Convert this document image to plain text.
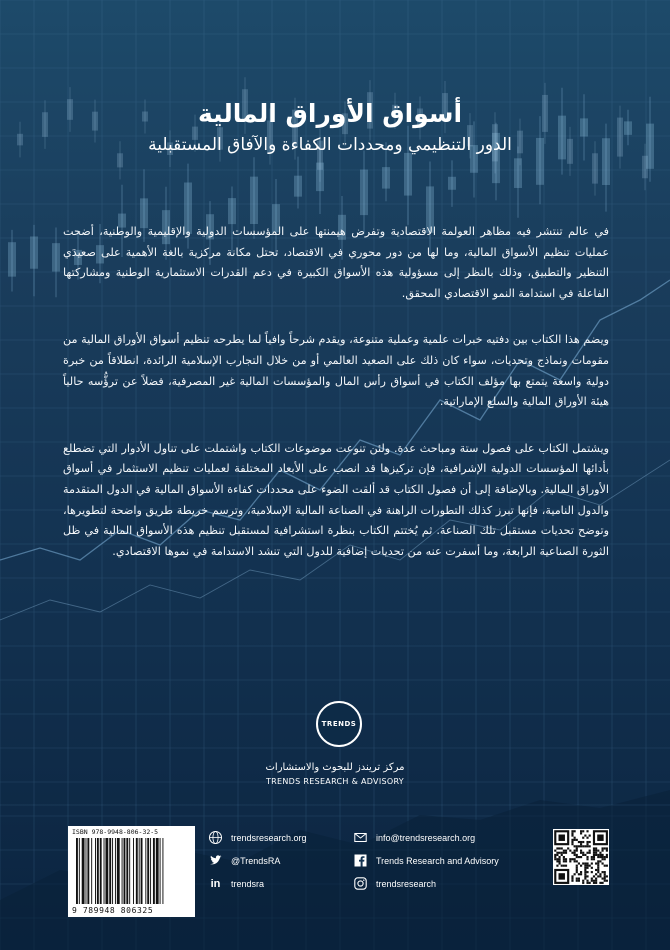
أسواق الأوراق المالية
الدور التنظيمي ومحددات الكفاءة والآفاق المستقبلية

في عالم تنتشر فيه مظاهر العولمة الاقتصادية وتفرض هيمنتها على المؤسسات الدولية والإقليمية والوطنية، أضحت عمليات تنظيم الأسواق المالية، وما لها من دور محوري في الاقتصاد، تحتل مكانة مركزية بالغة الأهمية على صعيدَي التنظير والتطبيق، وذلك بالنظر إلى مسؤولية هذه الأسواق الكبيرة في دعم القدرات الاستثمارية الوطنية ومشاركتها الفاعلة في استدامة النمو الاقتصادي المحقق.

ويضم هذا الكتاب بين دفتيه خبرات علمية وعملية متنوعة، ويقدم شرحاً وافياً لما يطرحه تنظيم أسواق الأوراق المالية من مقومات ونماذج وتحديات، سواء كان ذلك على الصعيد العالمي أو من خلال التجارب الإسلامية الرائدة، انطلاقاً من خبرة دولية واسعة يتمتع بها مؤلف الكتاب في أسواق رأس المال والمؤسسات المالية غير المصرفية، فضلاً عن ترؤُّسه حالياً هيئة الأوراق المالية والسلع الإماراتية.

ويشتمل الكتاب على فصول ستة ومباحث عدة. ولئن تنوعت موضوعات الكتاب واشتملت على تناول الأدوار التي تضطلع بأدائها المؤسسات الدولية الإشرافية، فإن تركيزها قد انصب على الأبعاد المختلفة لعمليات تنظيم الاستثمار في أسواق الأوراق المالية. وبالإضافة إلى أن فصول الكتاب قد ألقت الضوء على محددات كفاءة الأسواق المالية في الدول المتقدمة والدول النامية، فإنها تبرز كذلك التطورات الراهنة في الصناعة المالية الإسلامية، وترسم خريطة طريق واضحة لتطويرها، وتوضح تحديات مستقبل تلك الصناعة. ثم يُختتم الكتاب بنظرة استشرافية لمستقبل تنظيم هذه الأسواق المالية في ظل الثورة الصناعية الرابعة، وما أسفرت عنه من تحديات إضافية للدول التي تنشد الاستدامة في نموها الاقتصادي.

TRENDS
مركز تريندز للبحوث والاستشارات
TRENDS RESEARCH & ADVISORY
ISBN 978-9948-806-32-5
9 789948 806325
trendsresearch.org
@TrendsRA
in trendsra
info@trendsresearch.org
Trends Research and Advisory
trendsresearch
